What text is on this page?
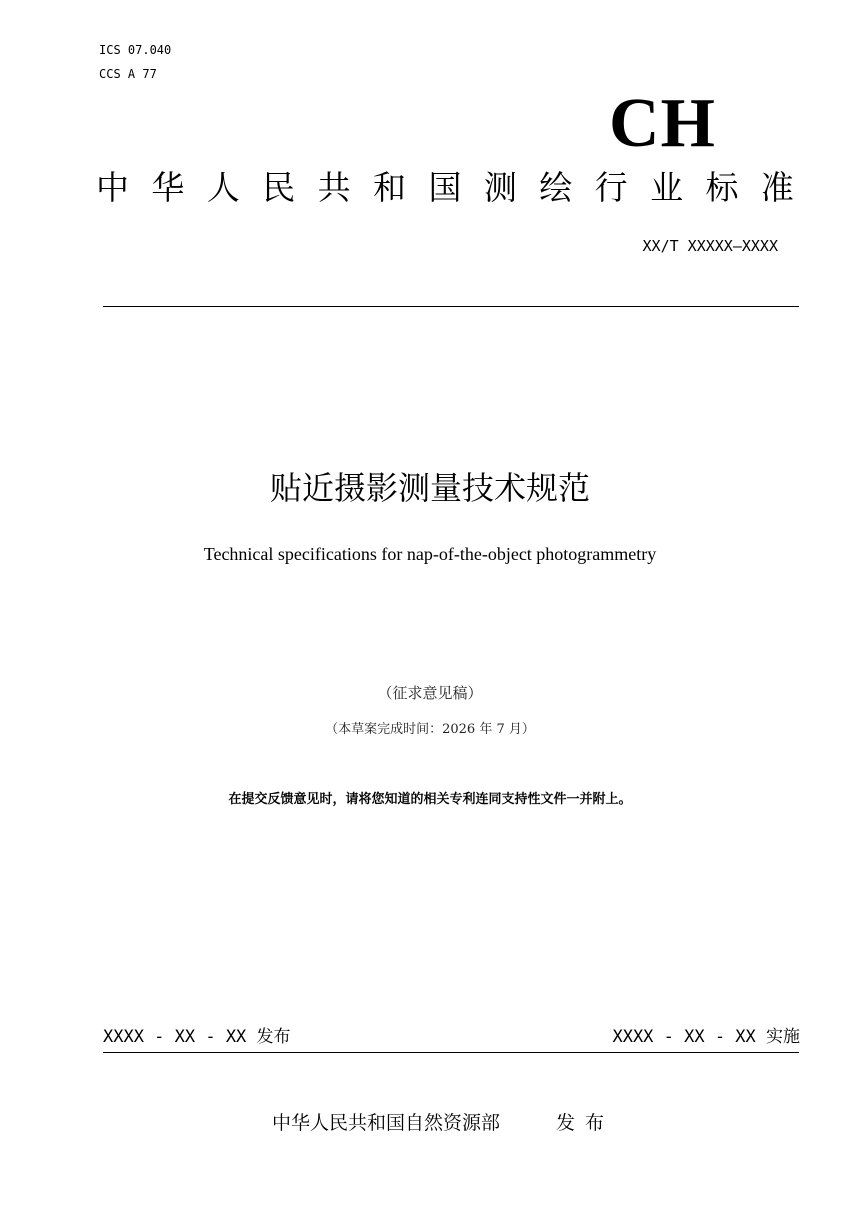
ICS 07.040
CCS A 77
CH
中 华 人 民 共 和 国 测 绘 行 业 标 准
XX/T XXXXX—XXXX
贴近摄影测量技术规范
Technical specifications for nap-of-the-object photogrammetry
（征求意见稿）
（本草案完成时间：2026 年 7 月）
在提交反馈意见时，请将您知道的相关专利连同支持性文件一并附上。
XXXX - XX - XX 发布	XXXX - XX - XX 实施
中华人民共和国自然资源部	发布
